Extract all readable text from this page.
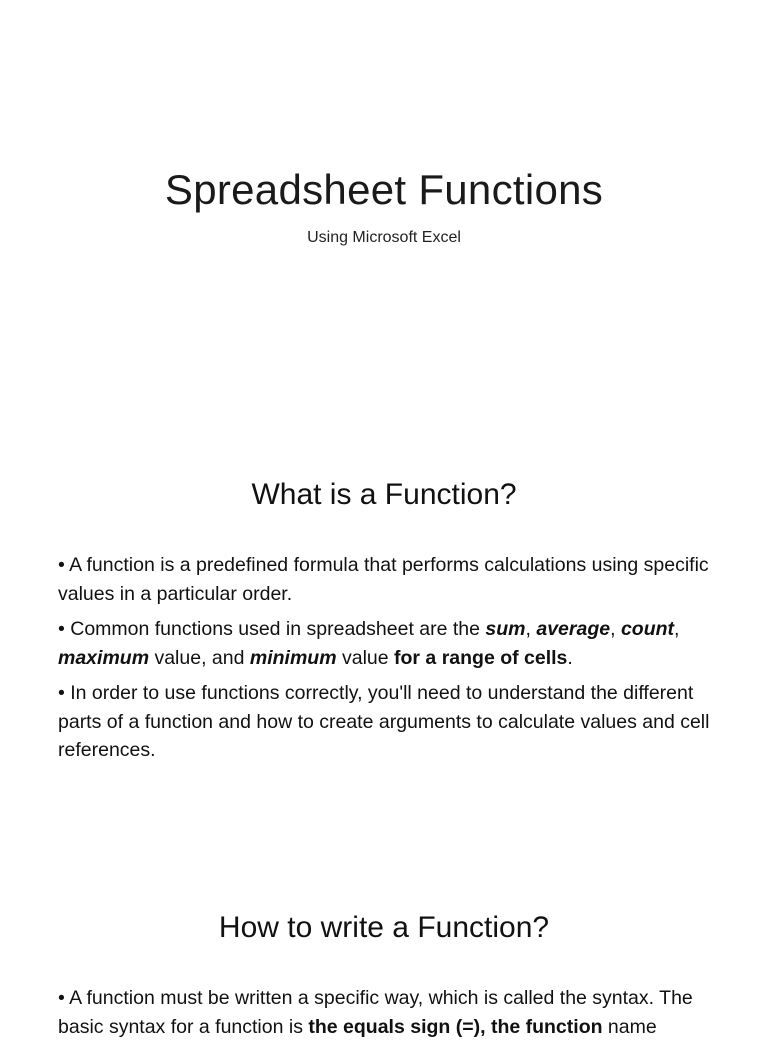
Spreadsheet Functions

Using Microsoft Excel

What is a Function?

• A function is a predefined formula that performs calculations using specific values in a particular order.

• Common functions used in spreadsheet are the sum, average, count, maximum value, and minimum value for a range of cells.

• In order to use functions correctly, you'll need to understand the different parts of a function and how to create arguments to calculate values and cell references.

How to write a Function?

• A function must be written a specific way, which is called the syntax. The basic syntax for a function is the equals sign (=), the function name
